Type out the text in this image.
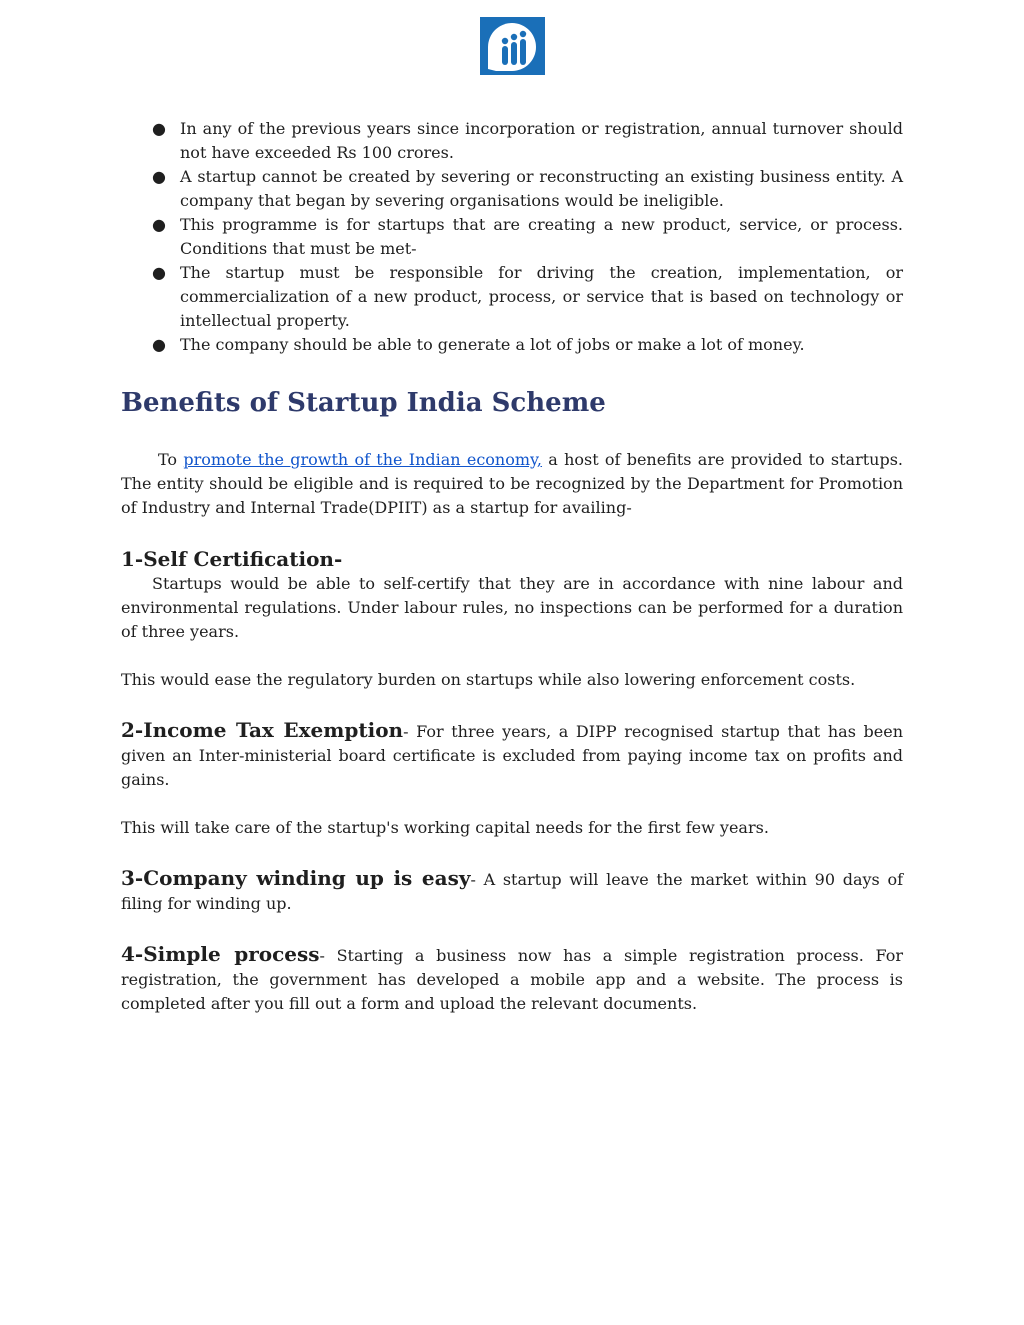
● In any of the previous years since incorporation or registration, annual turnover should not have exceeded Rs 100 crores.
● A startup cannot be created by severing or reconstructing an existing business entity. A company that began by severing organisations would be ineligible.
● This programme is for startups that are creating a new product, service, or process. Conditions that must be met-
● The startup must be responsible for driving the creation, implementation, or commercialization of a new product, process, or service that is based on technology or intellectual property.
● The company should be able to generate a lot of jobs or make a lot of money.
Benefits of Startup India Scheme

To promote the growth of the Indian economy, a host of benefits are provided to startups. The entity should be eligible and is required to be recognized by the Department for Promotion of Industry and Internal Trade(DPIIT) as a startup for availing-

1-Self Certification-

Startups would be able to self-certify that they are in accordance with nine labour and environmental regulations. Under labour rules, no inspections can be performed for a duration of three years.

This would ease the regulatory burden on startups while also lowering enforcement costs.

2-Income Tax Exemption- For three years, a DIPP recognised startup that has been given an Inter-ministerial board certificate is excluded from paying income tax on profits and gains.

This will take care of the startup's working capital needs for the first few years.

3-Company winding up is easy- A startup will leave the market within 90 days of filing for winding up.

4-Simple process- Starting a business now has a simple registration process. For registration, the government has developed a mobile app and a website. The process is completed after you fill out a form and upload the relevant documents.
